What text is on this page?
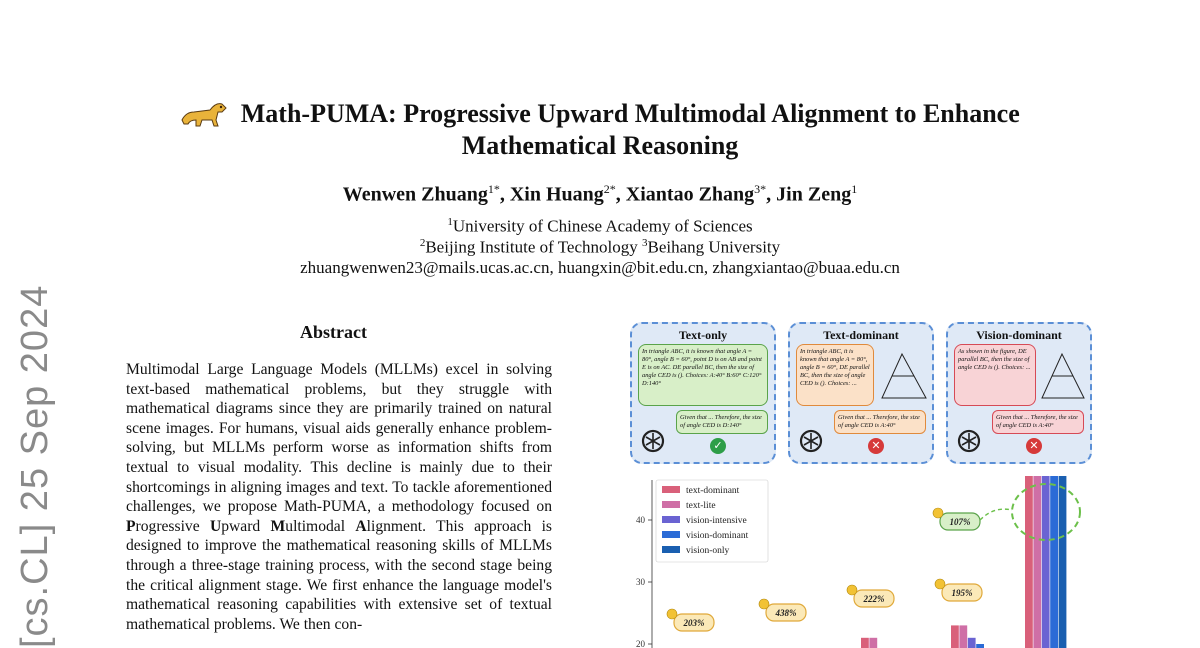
[cs.CL] 25 Sep 2024
Math-PUMA: Progressive Upward Multimodal Alignment to Enhance
Mathematical Reasoning
Wenwen Zhuang$^{1*}$, Xin Huang$^{2*}$, Xiantao Zhang$^{3*}$, Jin Zeng$^1$
$^1$University of Chinese Academy of Sciences
$^2$Beijing Institute of Technology $^3$Beihang University
zhuangwenwen23@mails.ucas.ac.cn, huangxin@bit.edu.cn, zhangxiantao@buaa.edu.cn
Abstract
Multimodal Large Language Models (MLLMs) excel in solving text-based mathematical problems, but they struggle with mathematical diagrams since they are primarily trained on natural scene images. For humans, visual aids generally enhance problem-solving, but MLLMs perform worse as information shifts from textual to visual modality. This decline is mainly due to their shortcomings in aligning images and text. To tackle aforementioned challenges, we propose Math-PUMA, a methodology focused on Progressive Upward Multimodal Alignment. This approach is designed to improve the mathematical reasoning skills of MLLMs through a three-stage training process, with the second stage being the critical alignment stage. We first enhance the language model's mathematical reasoning capabilities with extensive set of textual mathematical problems. We then con-
Text-only
In triangle ABC, it is known that angle A = 80°, angle B = 60°, point D is on AB and point E is on AC. DE parallel BC, then the size of angle CED is (). Choices: A:40° B:60° C:120° D:140°
Given that ... Therefore, the size of angle CED is D:140°
✓
Text-dominant
In triangle ABC, it is known that angle A = 80°, angle B = 60°, DE parallel BC, then the size of angle CED is (). Choices: ...
Given that ... Therefore, the size of angle CED is A:40°
✕
Vision-dominant
As shown in the figure, DE parallel BC, then the size of angle CED is (). Choices: ...
Given that ... Therefore, the size of angle CED is A:40°
✕
20
30
40
text-dominant
text-lite
vision-intensive
vision-dominant
vision-only
203%
438%
222%
195%
107%
